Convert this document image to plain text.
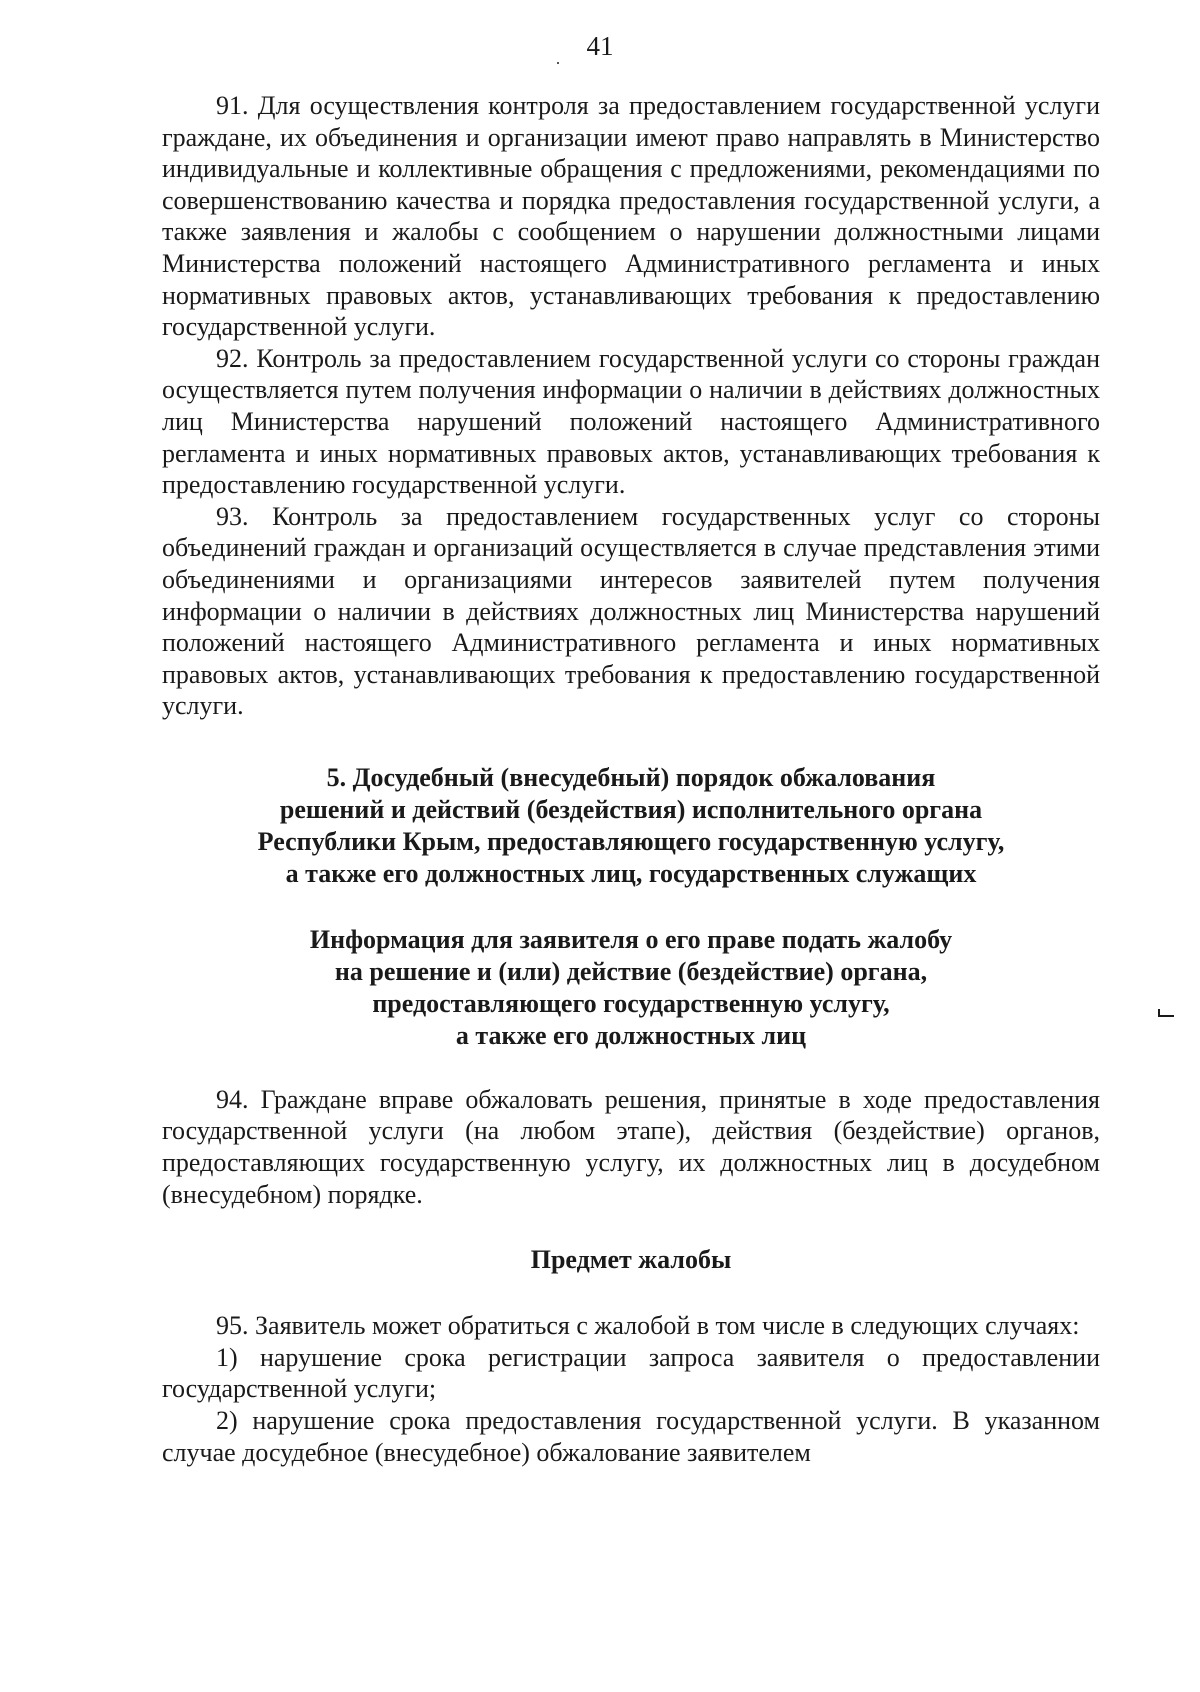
41

91. Для осуществления контроля за предоставлением государственной услуги граждане, их объединения и организации имеют право направлять в Министерство индивидуальные и коллективные обращения с предложениями, рекомендациями по совершенствованию качества и порядка предоставления государственной услуги, а также заявления и жалобы с сообщением о нарушении должностными лицами Министерства положений настоящего Административного регламента и иных нормативных правовых актов, устанавливающих требования к предоставлению государственной услуги.

92. Контроль за предоставлением государственной услуги со стороны граждан осуществляется путем получения информации о наличии в действиях должностных лиц Министерства нарушений положений настоящего Административного регламента и иных нормативных правовых актов, устанавливающих требования к предоставлению государственной услуги.

93. Контроль за предоставлением государственных услуг со стороны объединений граждан и организаций осуществляется в случае представления этими объединениями и организациями интересов заявителей путем получения информации о наличии в действиях должностных лиц Министерства нарушений положений настоящего Административного регламента и иных нормативных правовых актов, устанавливающих требования к предоставлению государственной услуги.

5. Досудебный (внесудебный) порядок обжалования
решений и действий (бездействия) исполнительного органа
Республики Крым, предоставляющего государственную услугу,
а также его должностных лиц, государственных служащих
Информация для заявителя о его праве подать жалобу
на решение и (или) действие (бездействие) органа,
предоставляющего государственную услугу,
а также его должностных лиц

94. Граждане вправе обжаловать решения, принятые в ходе предоставления государственной услуги (на любом этапе), действия (бездействие) органов, предоставляющих государственную услугу, их должностных лиц в досудебном (внесудебном) порядке.

Предмет жалобы

95. Заявитель может обратиться с жалобой в том числе в следующих случаях:

1) нарушение срока регистрации запроса заявителя о предоставлении государственной услуги;

2) нарушение срока предоставления государственной услуги. В указанном случае досудебное (внесудебное) обжалование заявителем
